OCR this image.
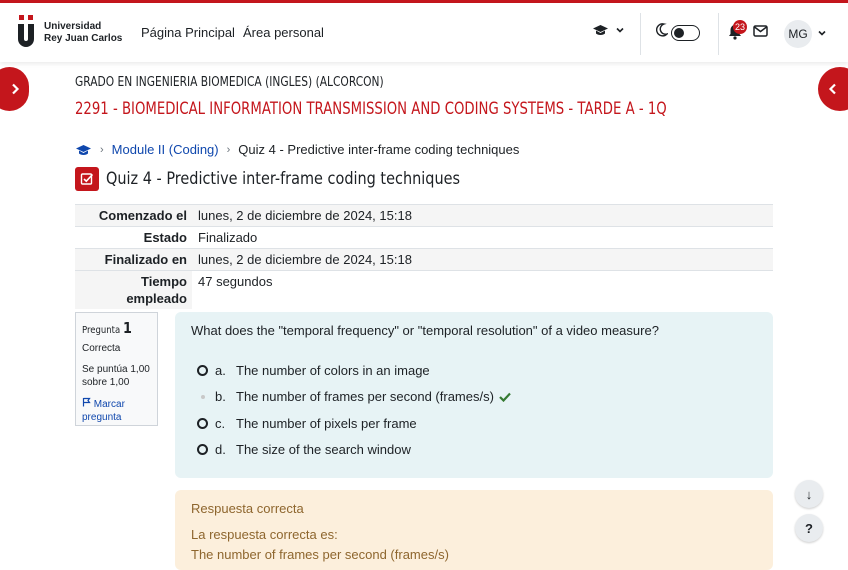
Universidad
Rey Juan Carlos Página Principal Área personal	23	MG
GRADO EN INGENIERIA BIOMEDICA (INGLES) (ALCORCON)
2291 - BIOMEDICAL INFORMATION TRANSMISSION AND CODING SYSTEMS - TARDE A - 1Q
› Module II (Coding) › Quiz 4 - Predictive inter-frame coding techniques
Quiz 4 - Predictive inter-frame coding techniques
Comenzado el lunes, 2 de diciembre de 2024, 15:18
Estado Finalizado
Finalizado en lunes, 2 de diciembre de 2024, 15:18
Tiempo empleado
47 segundos
Pregunta 1
Correcta
Se puntúa 1,00 sobre 1,00
Marcar pregunta
What does the "temporal frequency" or "temporal resolution" of a video measure?
a. The number of colors in an image
b. The number of frames per second (frames/s)
c. The number of pixels per frame
d. The size of the search window
Respuesta correcta
La respuesta correcta es:
The number of frames per second (frames/s)
↓
?
